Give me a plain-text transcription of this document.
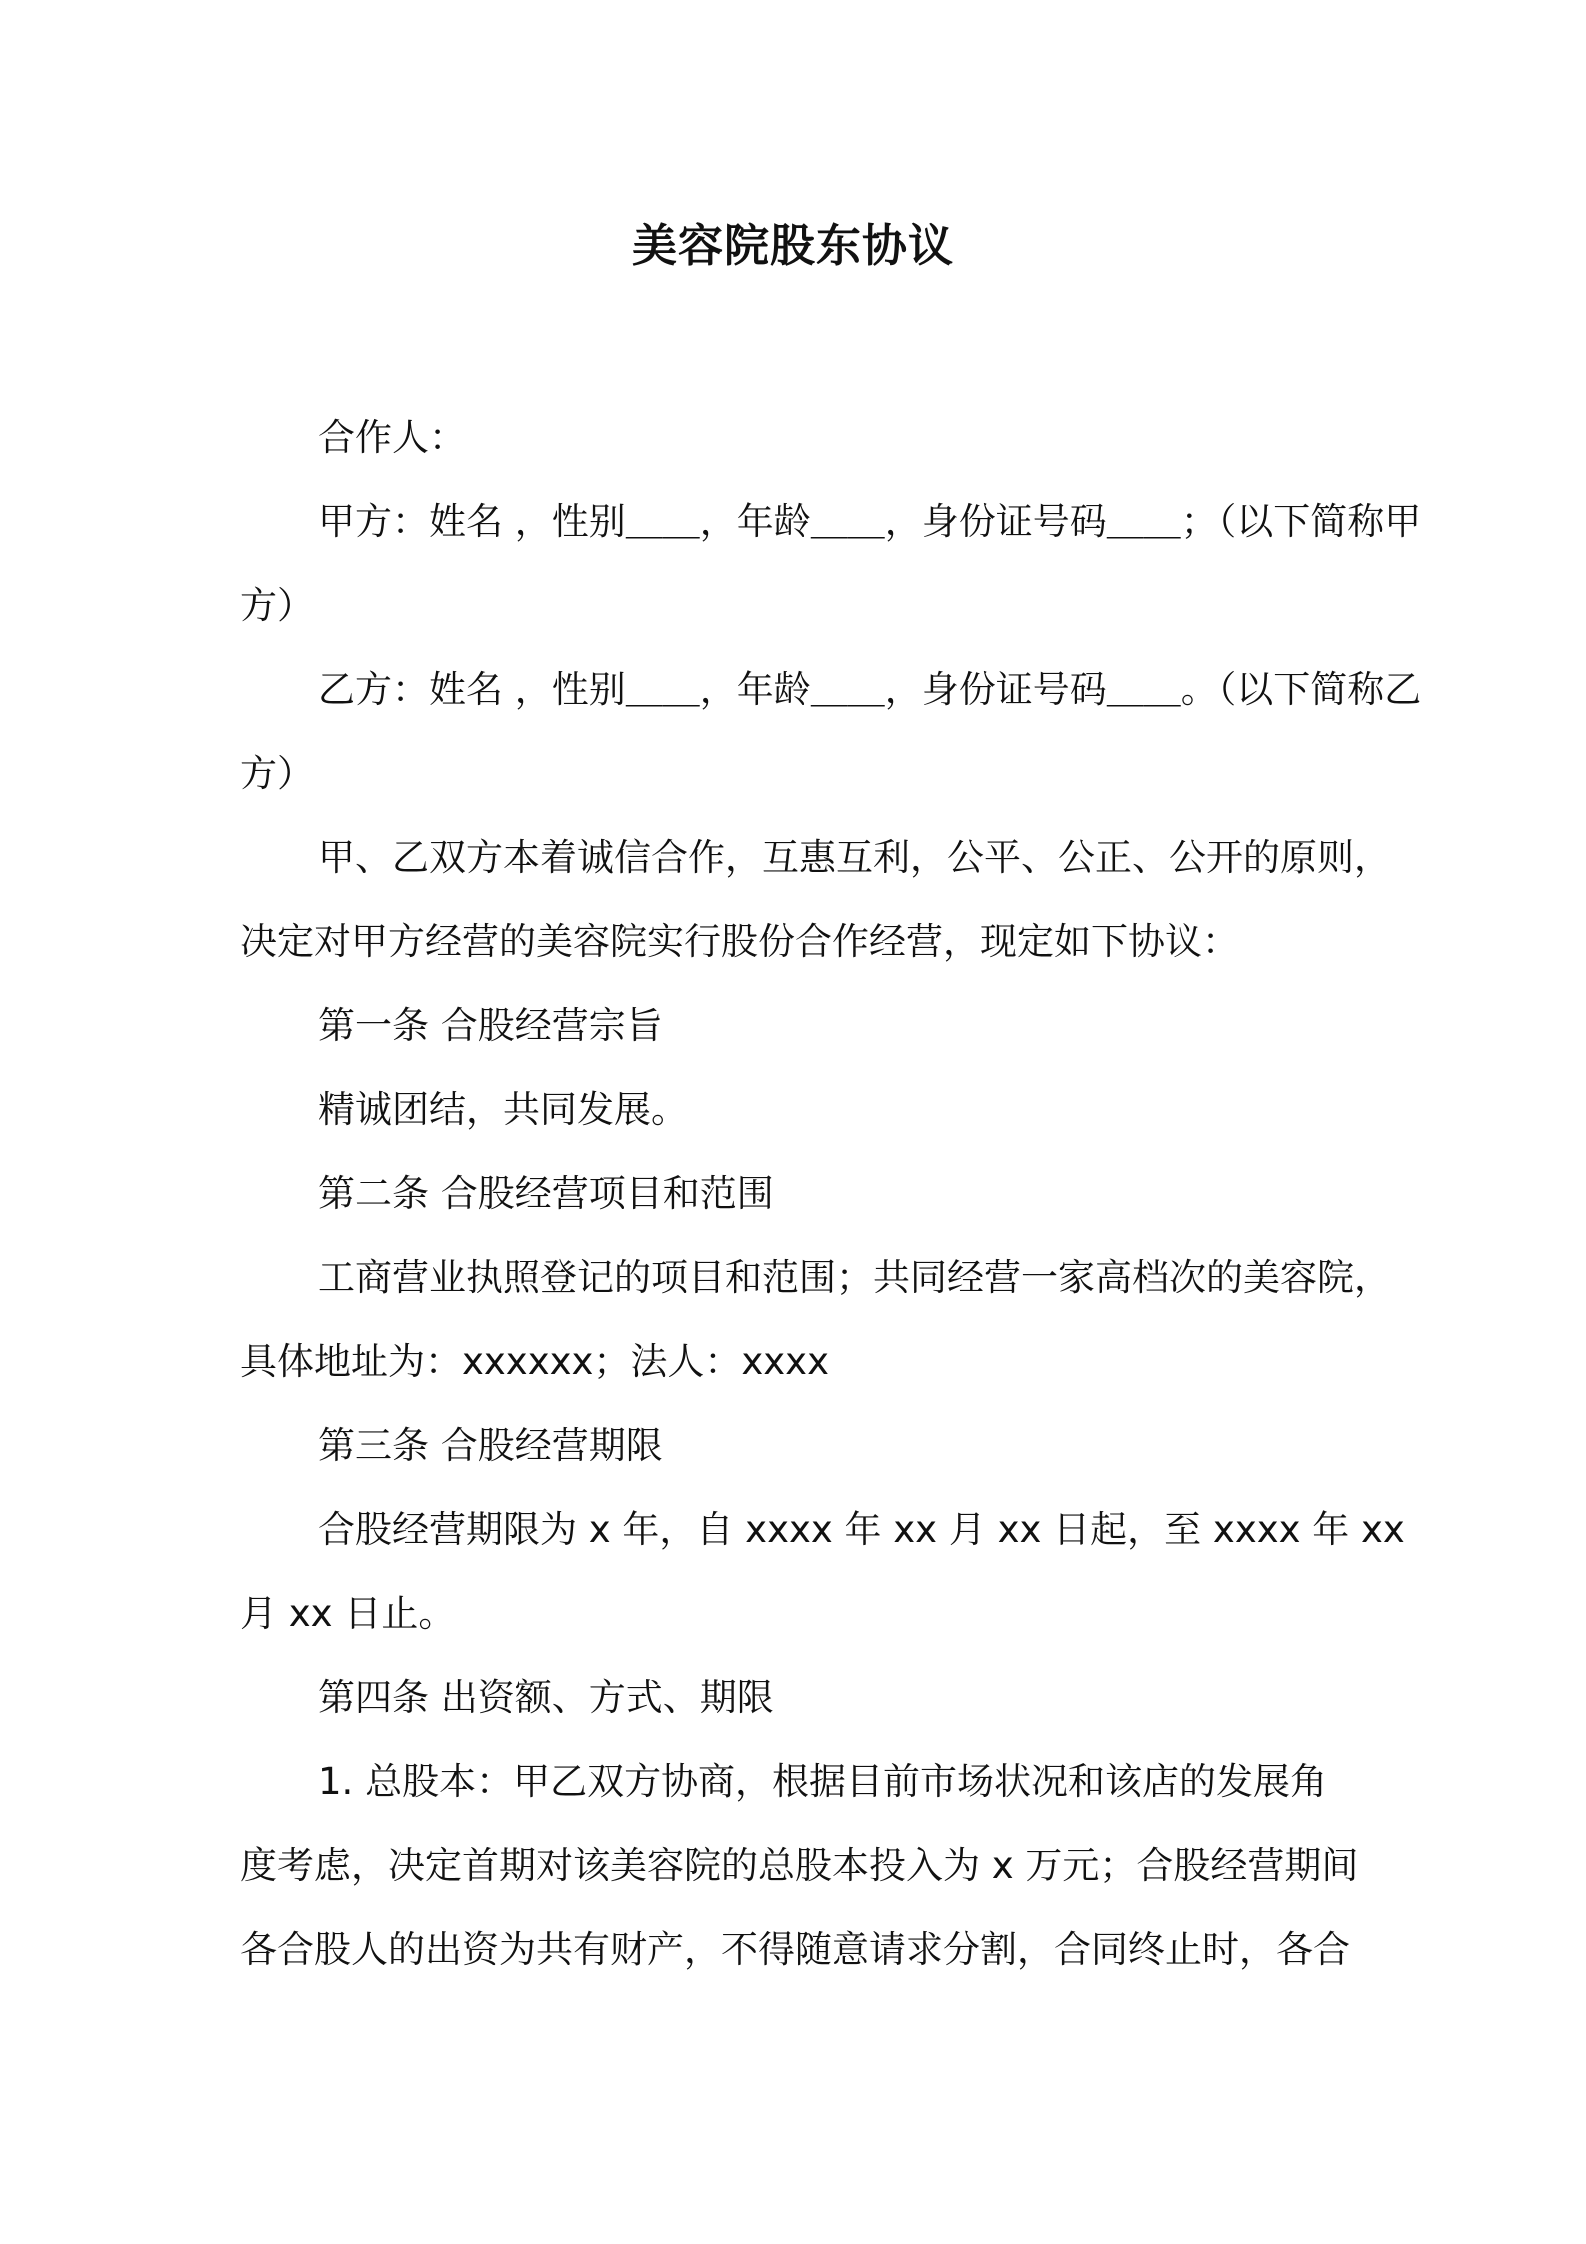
美容院股东协议
合作人：
甲方：姓名 ，性别＿＿，年龄＿＿，身份证号码＿＿；（以下简称甲
方）
乙方：姓名 ，性别＿＿，年龄＿＿，身份证号码＿＿。（以下简称乙
方）
甲、乙双方本着诚信合作，互惠互利，公平、公正、公开的原则，
决定对甲方经营的美容院实行股份合作经营，现定如下协议：
第一条 合股经营宗旨
精诚团结，共同发展。
第二条 合股经营项目和范围
工商营业执照登记的项目和范围；共同经营一家高档次的美容院，
具体地址为：xxxxxx；法人：xxxx
第三条 合股经营期限
合股经营期限为 x 年，自 xxxx 年 xx 月 xx 日起，至 xxxx 年 xx
月 xx 日止。
第四条 出资额、方式、期限
1. 总股本：甲乙双方协商，根据目前市场状况和该店的发展角
度考虑，决定首期对该美容院的总股本投入为 x 万元；合股经营期间
各合股人的出资为共有财产，不得随意请求分割，合同终止时，各合
